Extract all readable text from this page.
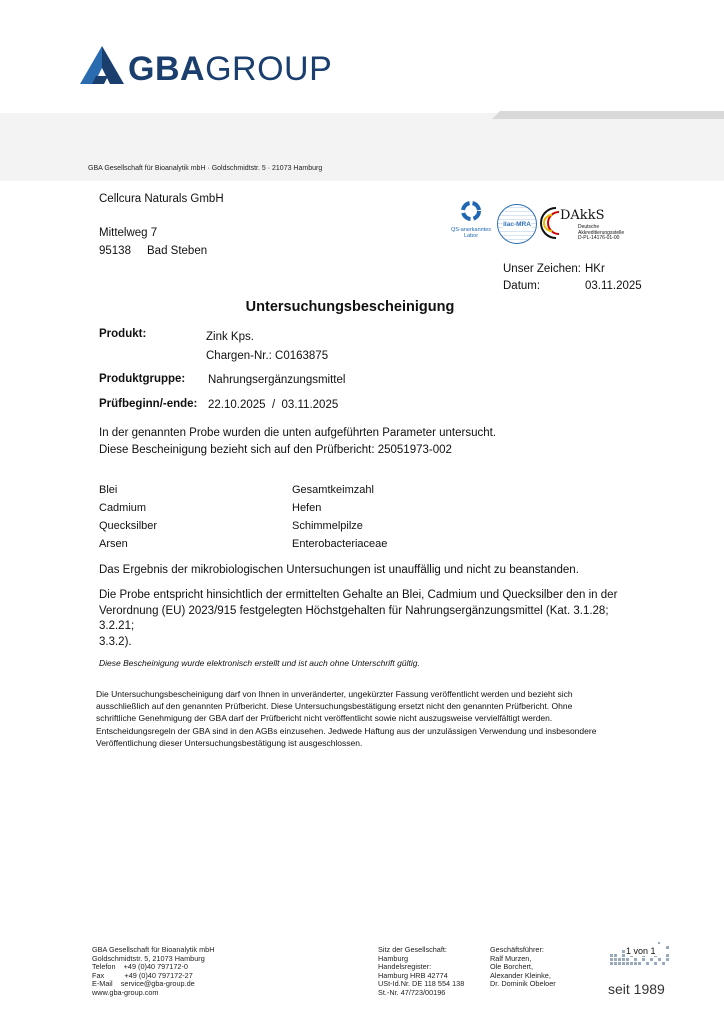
GBAGROUP
GBA Gesellschaft für Bioanalytik mbH · Goldschmidtstr. 5 · 21073 Hamburg
Cellcura Naturals GmbH
Mittelweg 7
95138 Bad Steben
QS-anerkanntes
Labor
ilac-MRA
DAkkS
Deutsche
Akkreditierungsstelle
D-PL-14176-01-00
Unser Zeichen: HKr
Datum:	03.11.2025
Untersuchungsbescheinigung
Produkt:	Zink Kps.
Chargen-Nr.: C0163875
Produktgruppe: Nahrungsergänzungsmittel
Prüfbeginn/-ende: 22.10.2025  /  03.11.2025
In der genannten Probe wurden die unten aufgeführten Parameter untersucht.
Diese Bescheinigung bezieht sich auf den Prüfbericht: 25051973-002
Blei
Cadmium
Quecksilber
Arsen
Gesamtkeimzahl
Hefen
Schimmelpilze
Enterobacteriaceae
Das Ergebnis der mikrobiologischen Untersuchungen ist unauffällig und nicht zu beanstanden.
Die Probe entspricht hinsichtlich der ermittelten Gehalte an Blei, Cadmium und Quecksilber den in der
Verordnung (EU) 2023/915 festgelegten Höchstgehalten für Nahrungsergänzungsmittel (Kat. 3.1.28; 3.2.21;
3.3.2).
Diese Bescheinigung wurde elektronisch erstellt und ist auch ohne Unterschrift gültig.
Die Untersuchungsbescheinigung darf von Ihnen in unveränderter, ungekürzter Fassung veröffentlicht werden und bezieht sich
ausschließlich auf den genannten Prüfbericht. Diese Untersuchungsbestätigung ersetzt nicht den genannten Prüfbericht. Ohne
schriftliche Genehmigung der GBA darf der Prüfbericht nicht veröffentlicht sowie nicht auszugsweise vervielfältigt werden.
Entscheidungsregeln der GBA sind in den AGBs einzusehen. Jedwede Haftung aus der unzulässigen Verwendung und insbesondere
Veröffentlichung dieser Untersuchungsbestätigung ist ausgeschlossen.
GBA Gesellschaft für Bioanalytik mbH
Goldschmidtstr. 5, 21073 Hamburg
Telefon    +49 (0)40 797172-0
Fax          +49 (0)40 797172-27
E-Mail    service@gba-group.de
www.gba-group.com
Sitz der Gesellschaft:
Hamburg
Handelsregister:
Hamburg HRB 42774
USt-Id.Nr. DE 118 554 138
St.-Nr. 47/723/00196
Geschäftsführer:
Ralf Murzen,
Ole Borchert,
Alexander Kleinke,
Dr. Dominik Obeloer
1 von 1
seit 1989
